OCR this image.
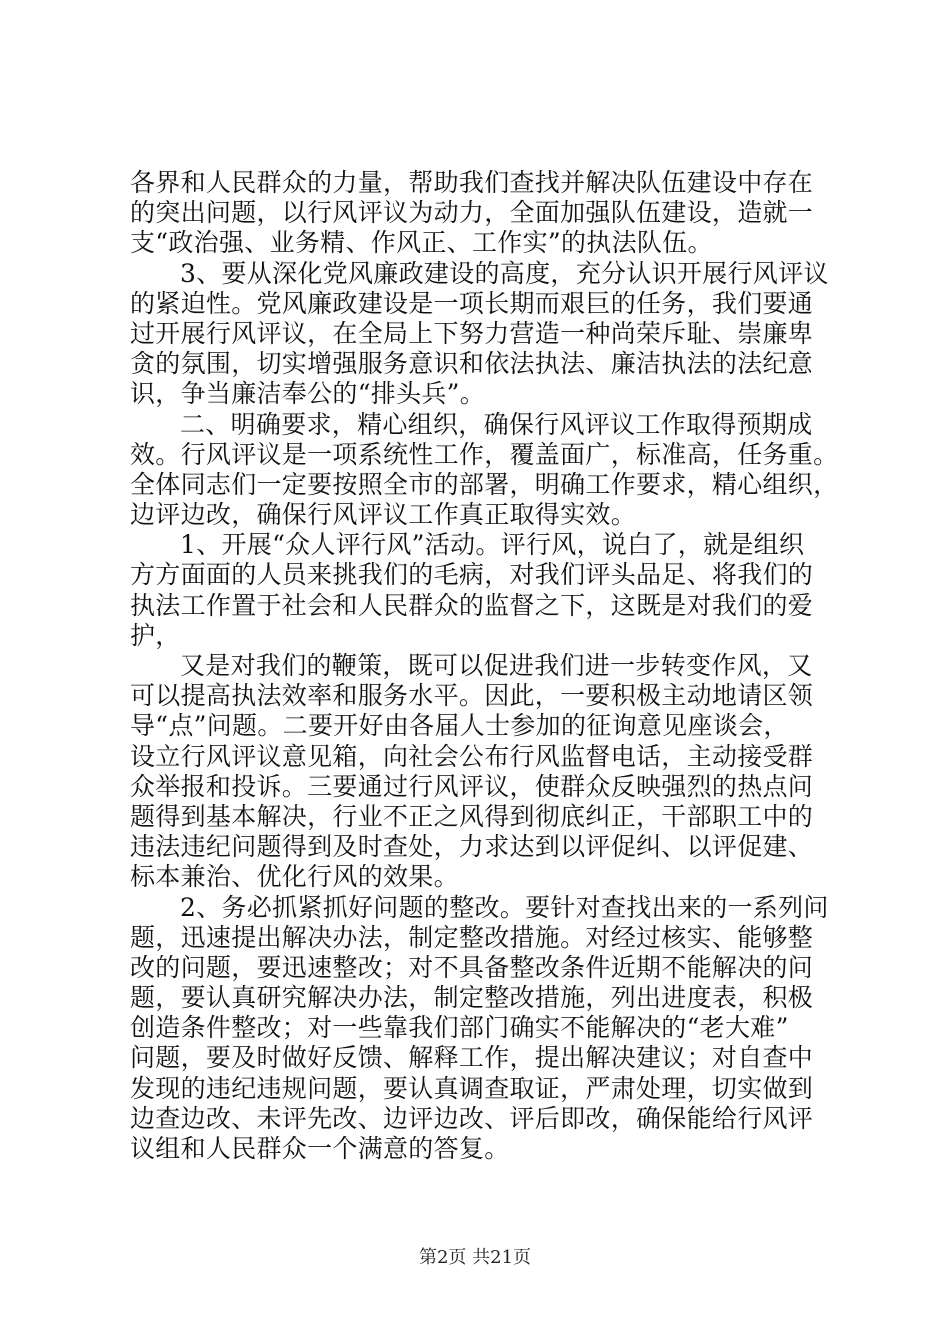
各界和人民群众的力量，帮助我们查找并解决队伍建设中存在
的突出问题，以行风评议为动力，全面加强队伍建设，造就一
支“政治强、业务精、作风正、工作实”的执法队伍。
3、要从深化党风廉政建设的高度，充分认识开展行风评议
的紧迫性。党风廉政建设是一项长期而艰巨的任务，我们要通
过开展行风评议，在全局上下努力营造一种尚荣斥耻、崇廉卑
贪的氛围，切实增强服务意识和依法执法、廉洁执法的法纪意
识，争当廉洁奉公的“排头兵”。
二、明确要求，精心组织，确保行风评议工作取得预期成
效。行风评议是一项系统性工作，覆盖面广，标准高，任务重。
全体同志们一定要按照全市的部署，明确工作要求，精心组织，
边评边改，确保行风评议工作真正取得实效。
1、开展“众人评行风”活动。评行风，说白了，就是组织
方方面面的人员来挑我们的毛病，对我们评头品足、将我们的
执法工作置于社会和人民群众的监督之下，这既是对我们的爱
护，
又是对我们的鞭策，既可以促进我们进一步转变作风，又
可以提高执法效率和服务水平。因此，一要积极主动地请区领
导“点”问题。二要开好由各届人士参加的征询意见座谈会，
设立行风评议意见箱，向社会公布行风监督电话，主动接受群
众举报和投诉。三要通过行风评议，使群众反映强烈的热点问
题得到基本解决，行业不正之风得到彻底纠正，干部职工中的
违法违纪问题得到及时查处，力求达到以评促纠、以评促建、
标本兼治、优化行风的效果。
2、务必抓紧抓好问题的整改。要针对查找出来的一系列问
题，迅速提出解决办法，制定整改措施。对经过核实、能够整
改的问题，要迅速整改；对不具备整改条件近期不能解决的问
题，要认真研究解决办法，制定整改措施，列出进度表，积极
创造条件整改；对一些靠我们部门确实不能解决的“老大难”
问题，要及时做好反馈、解释工作，提出解决建议；对自查中
发现的违纪违规问题，要认真调查取证，严肃处理，切实做到
边查边改、未评先改、边评边改、评后即改，确保能给行风评
议组和人民群众一个满意的答复。
第2页 共21页
